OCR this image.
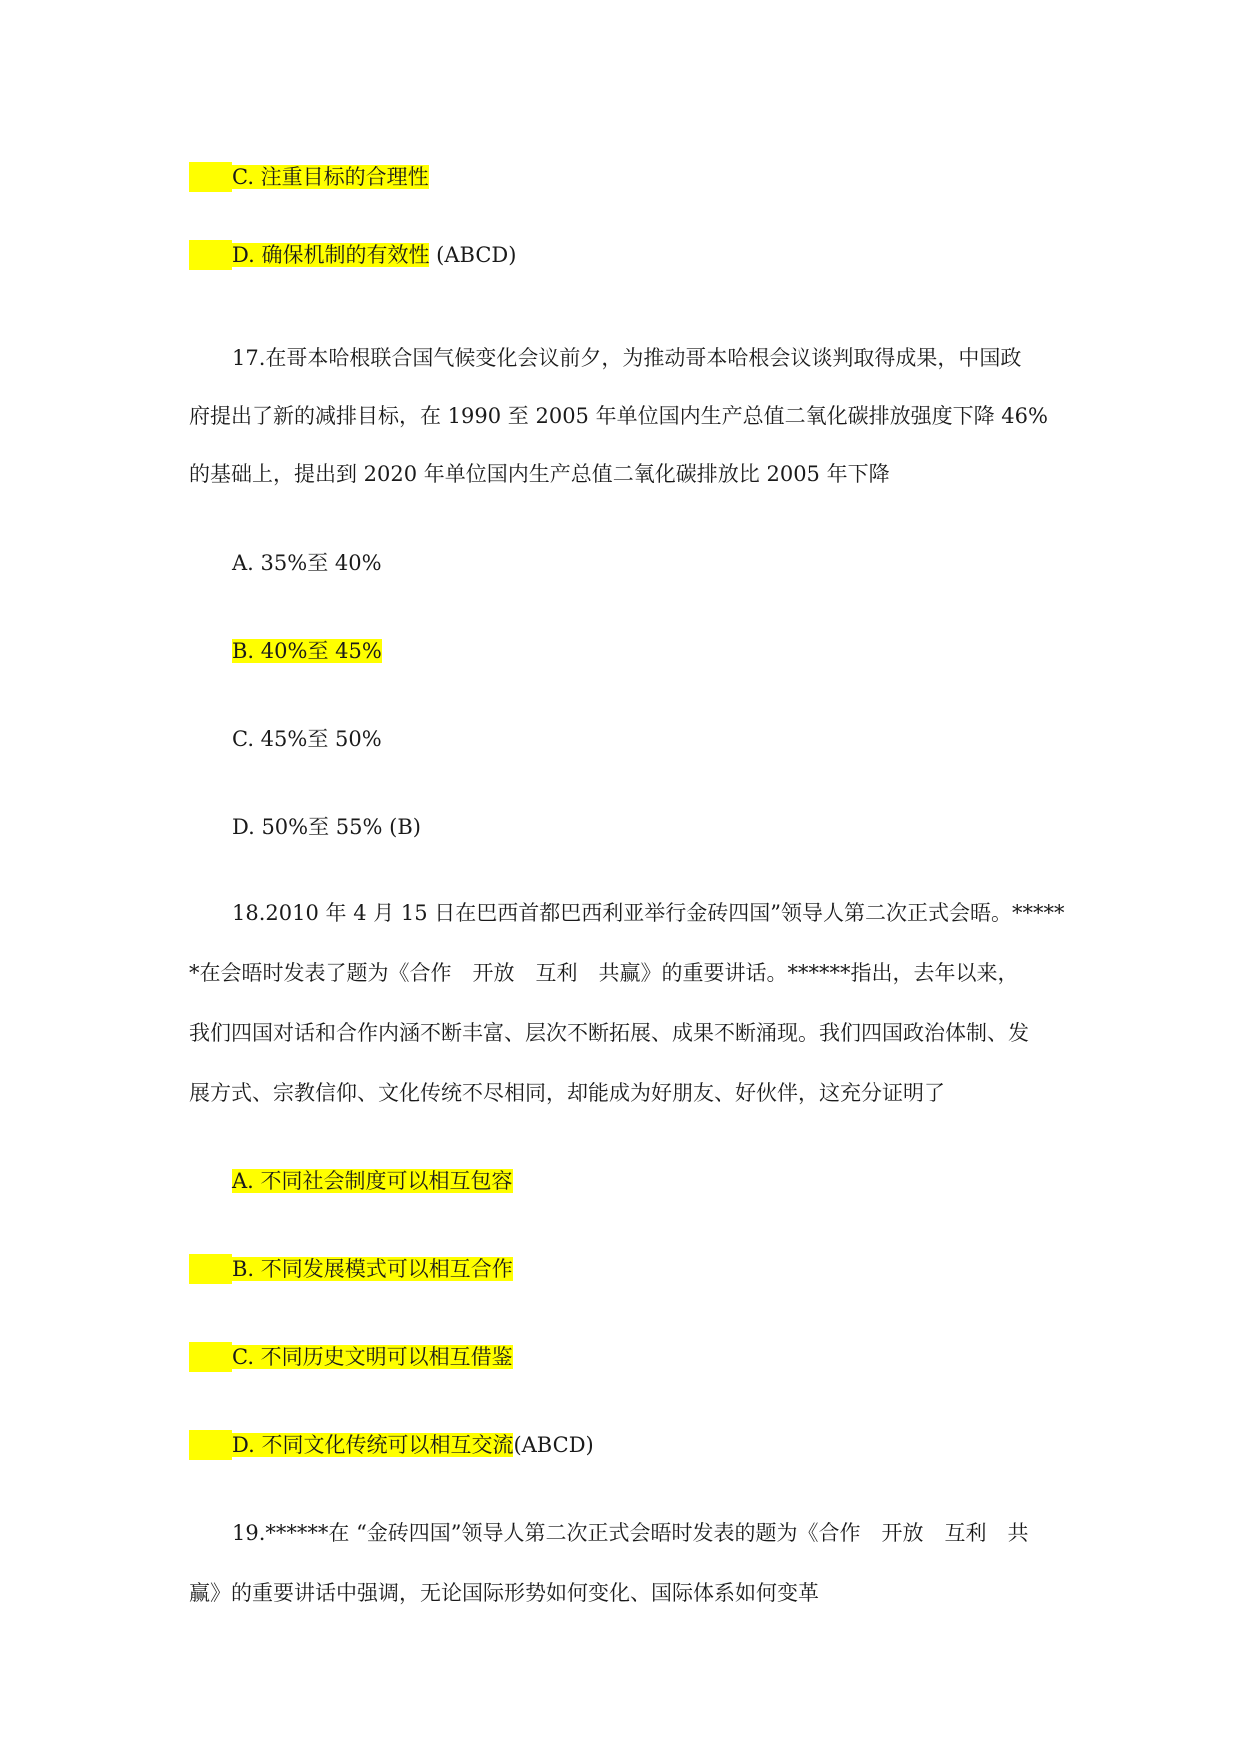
C. 注重目标的合理性
D. 确保机制的有效性 (ABCD)
17.在哥本哈根联合国气候变化会议前夕，为推动哥本哈根会议谈判取得成果，中国政
府提出了新的减排目标，在 1990 至 2005 年单位国内生产总值二氧化碳排放强度下降 46%
的基础上，提出到 2020 年单位国内生产总值二氧化碳排放比 2005 年下降
A. 35%至 40%
B. 40%至 45%
C. 45%至 50%
D. 50%至 55% (B)
18.2010 年 4 月 15 日在巴西首都巴西利亚举行金砖四国”领导人第二次正式会晤。*****
*在会晤时发表了题为《合作　开放　互利　共赢》的重要讲话。******指出，去年以来，
我们四国对话和合作内涵不断丰富、层次不断拓展、成果不断涌现。我们四国政治体制、发
展方式、宗教信仰、文化传统不尽相同，却能成为好朋友、好伙伴，这充分证明了
A. 不同社会制度可以相互包容
B. 不同发展模式可以相互合作
C. 不同历史文明可以相互借鉴
D. 不同文化传统可以相互交流(ABCD)
19.******在 “金砖四国”领导人第二次正式会晤时发表的题为《合作　开放　互利　共
赢》的重要讲话中强调，无论国际形势如何变化、国际体系如何变革
